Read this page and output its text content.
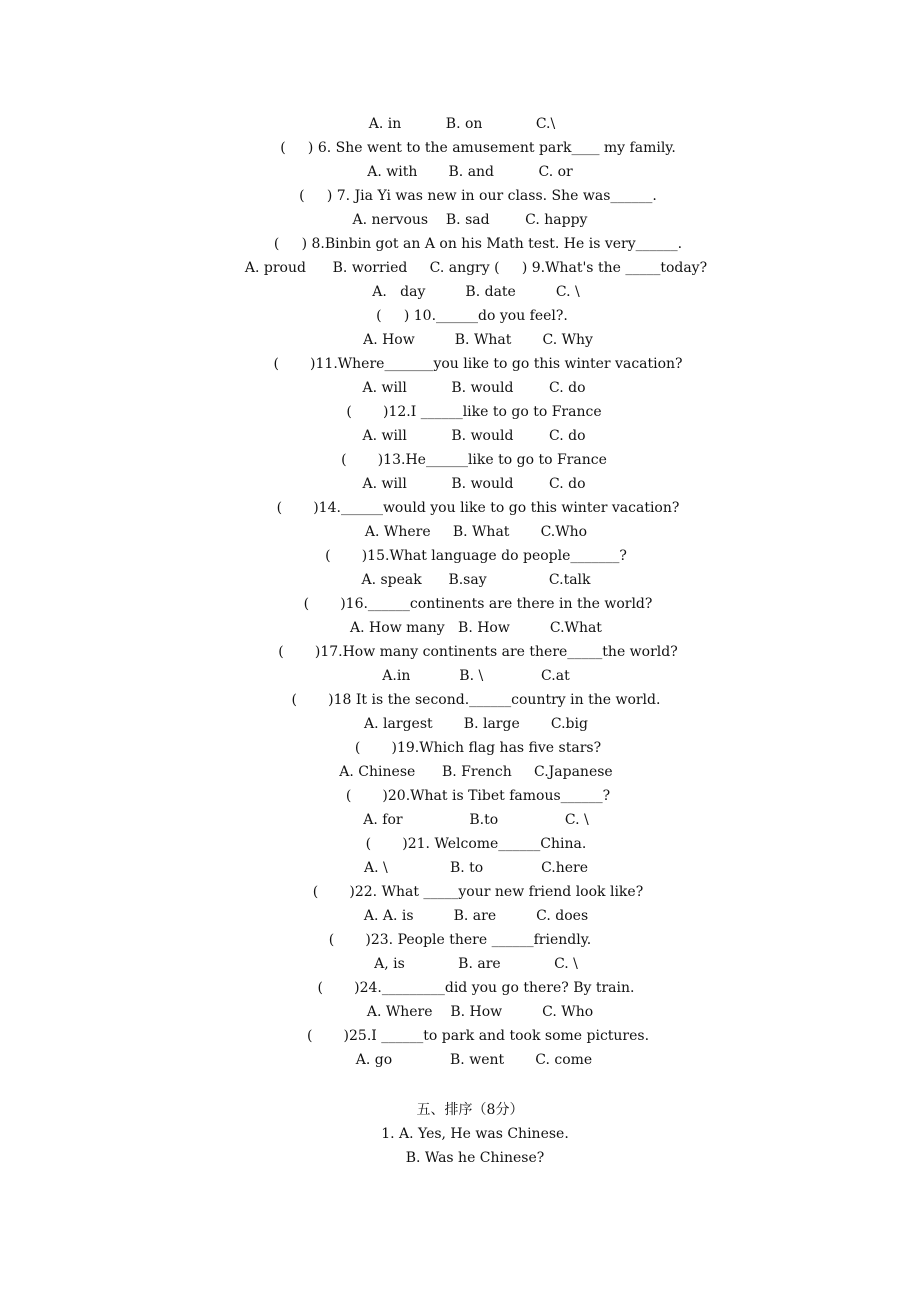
A. in          B. on            C.\
(     ) 6. She went to the amusement park____ my family.
A. with       B. and          C. or
(     ) 7. Jia Yi was new in our class. She was______.
A. nervous    B. sad        C. happy
(     ) 8.Binbin got an A on his Math test. He is very______.
A. proud      B. worried     C. angry (     ) 9.What's the _____today?
A.   day         B. date         C. \
(     ) 10.______do you feel?.
A. How         B. What       C. Why
(       )11.Where_______you like to go this winter vacation?
A. will          B. would        C. do
(       )12.I ______like to go to France
A. will          B. would        C. do
(       )13.He______like to go to France
A. will          B. would        C. do
(       )14.______would you like to go this winter vacation?
A. Where     B. What       C.Who
(       )15.What language do people_______?
A. speak      B.say              C.talk
(       )16.______continents are there in the world?
A. How many   B. How         C.What
(       )17.How many continents are there_____the world?
A.in           B. \             C.at
(       )18 It is the second.______country in the world.
A. largest       B. large       C.big
(       )19.Which flag has five stars?
A. Chinese      B. French     C.Japanese
(       )20.What is Tibet famous______?
A. for               B.to               C. \
(       )21. Welcome______China.
A. \              B. to             C.here
(       )22. What _____your new friend look like?
A. A. is         B. are         C. does
(       )23. People there ______friendly.
A, is            B. are            C. \
(       )24._________did you go there? By train.
A. Where    B. How         C. Who
(       )25.I ______to park and took some pictures.
A. go             B. went       C. come
五、排序（8分）
1. A. Yes, He was Chinese.
B. Was he Chinese?
